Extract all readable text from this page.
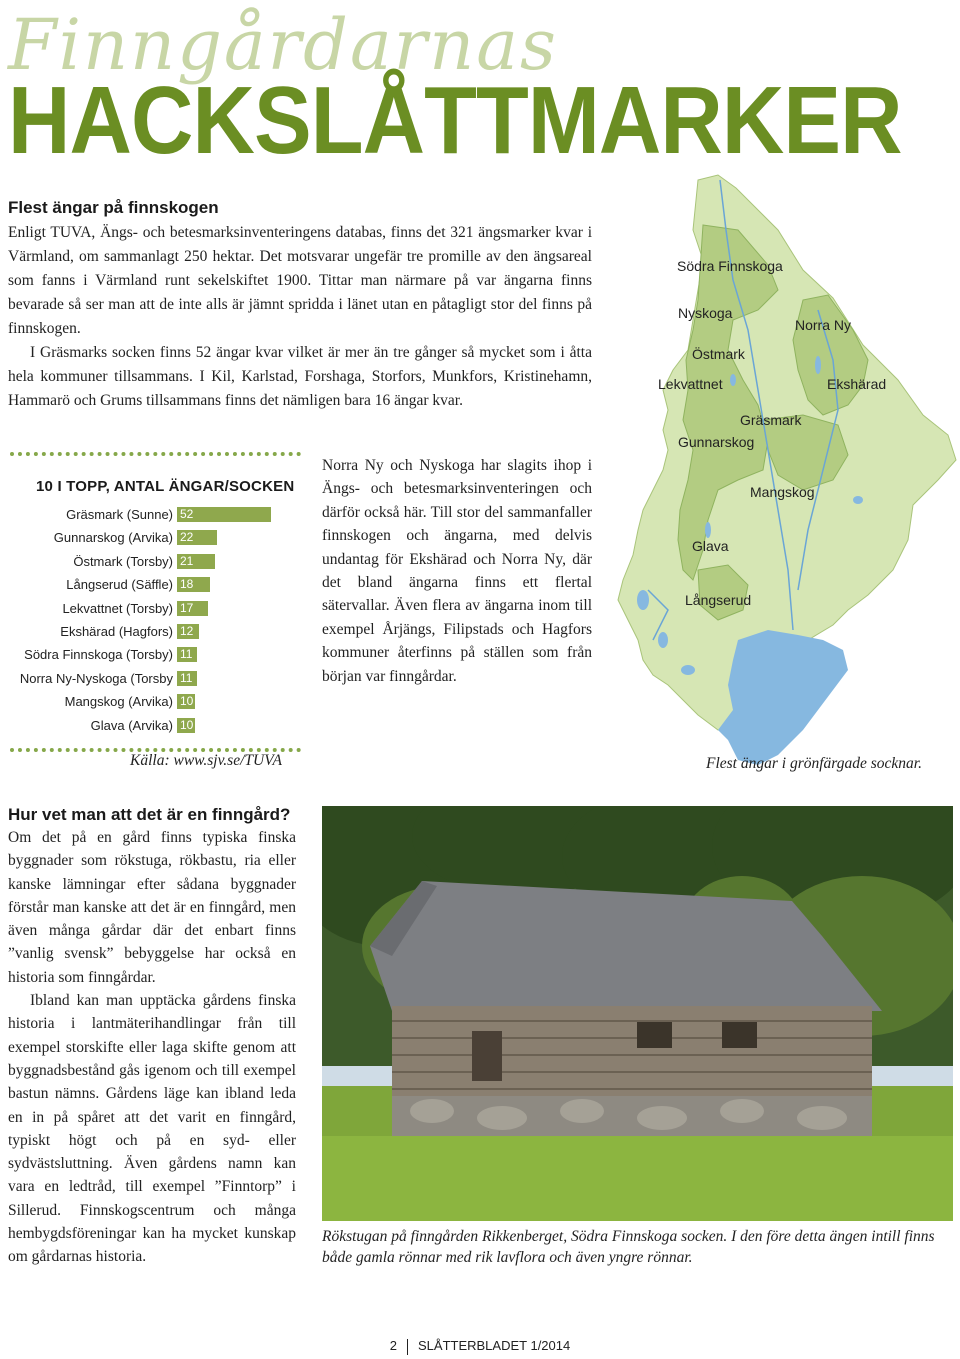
Finngårdarnas
HACKSLÅTTMARKER
Flest ängar på finnskogen

Enligt TUVA, Ängs- och betesmarksinventeringens databas, finns det 321 ängsmarker kvar i Värmland, om sammanlagt 250 hektar. Det motsvarar ungefär tre promille av den ängsareal som fanns i Värmland runt sekelskiftet 1900. Tittar man närmare på var ängarna finns bevarade så ser man att de inte alls är jämnt spridda i länet utan en påtagligt stor del finns på finnskogen.

I Gräsmarks socken finns 52 ängar kvar vilket är mer än tre gånger så mycket som i åtta hela kommuner tillsammans. I Kil, Karlstad, Forshaga, Storfors, Munkfors, Kristinehamn, Hammarö och Grums tillsammans finns det nämligen bara 16 ängar kvar.

10 I TOPP, ANTAL ÄNGAR/SOCKEN
Gräsmark (Sunne) 52
Gunnarskog (Arvika) 22
Östmark (Torsby) 21
Långserud (Säffle) 18
Lekvattnet (Torsby) 17
Ekshärad (Hagfors) 12
Södra Finnskoga (Torsby) 11
Norra Ny-Nyskoga (Torsby 11
Mangskog (Arvika) 10
Glava (Arvika) 10
Källa: www.sjv.se/TUVA
Norra Ny och Nyskoga har slagits ihop i Ängs- och betesmarksinventeringen och därför också här. Till stor del sammanfaller finnskogen och ängarna, med delvis undantag för Ekshärad och Norra Ny, där det bland ängarna finns ett flertal sätervallar. Även flera av ängarna inom till exempel Årjängs, Filipstads och Hagfors kommuner återfinns på ställen som från början var finngårdar.
Södra Finnskoga
Nyskoga
Norra Ny
Östmark
Lekvattnet	Ekshärad
Gräsmark
Gunnarskog
Mangskog
Glava
Långserud
Flest ängar i grönfärgade socknar.
Hur vet man att det är en finngård?

Om det på en gård finns typiska finska byggnader som rökstuga, rökbastu, ria eller kanske lämningar efter sådana byggnader förstår man kanske att det är en finngård, men även många gårdar där det enbart finns ”vanlig svensk” bebyggelse har också en historia som finngårdar.

Ibland kan man upptäcka gårdens finska historia i lantmäterihandlingar från till exempel storskifte eller laga skifte genom att byggnadsbestånd gås igenom och till exempel bastun nämns. Gårdens läge kan ibland leda en in på spåret att det varit en finngård, typiskt högt och på en syd- eller sydvästsluttning. Även gårdens namn kan vara en ledtråd, till exempel ”Finntorp” i Sillerud. Finnskogscentrum och många hembygdsföreningar kan ha mycket kunskap om gårdarnas historia.

Rökstugan på finngården Rikkenberget, Södra Finnskoga socken. I den före detta ängen intill finns både gamla rönnar med rik lavflora och även yngre rönnar.
2 SLÅTTERBLADET 1/2014
